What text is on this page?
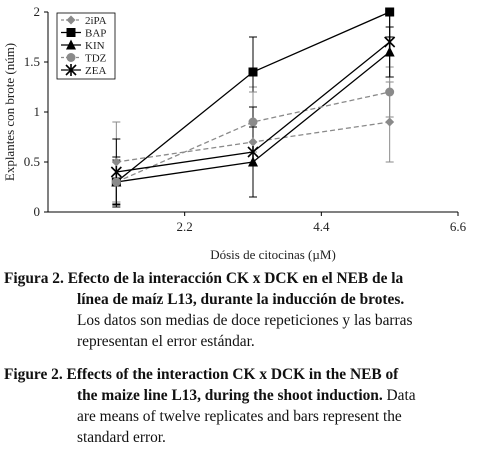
0
0.5
1
1.5
2
2.2	4.4	6.6
Dósis de citocinas (µM)
Explantes con brote (núm)
2iPA
BAP
KIN
TDZ
ZEA
Figura 2. Efecto de la interacción CK x DCK en el NEB de la
línea de maíz L13, durante la inducción de brotes.
Los datos son medias de doce repeticiones y las barras
representan el error estándar.
Figure 2. Effects of the interaction CK x DCK in the NEB of
the maize line L13, during the shoot induction. Data
are means of twelve replicates and bars represent the
standard error.
